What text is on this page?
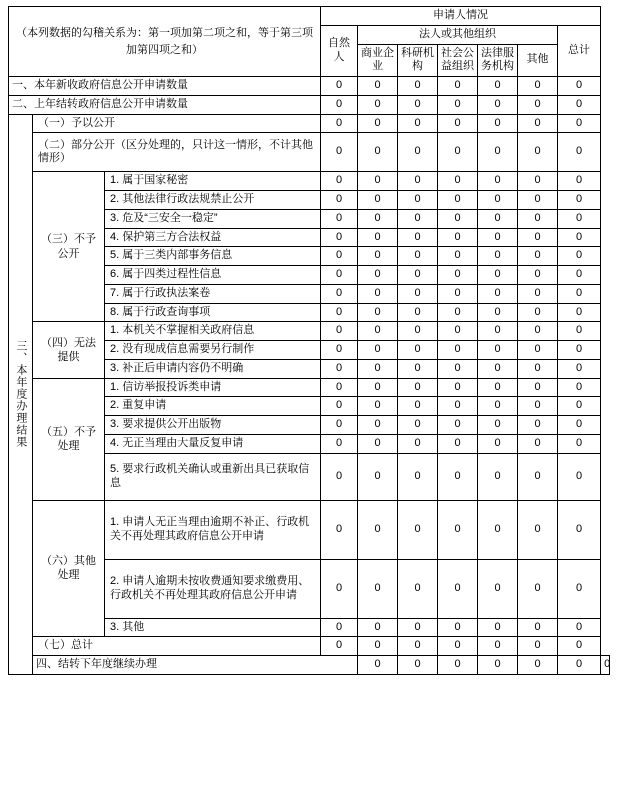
（本列数据的勾稽关系为：第一项加第二项之和，等于第三项加第四项之和）			申请人情况							
			自然人	法人或其他组织					总计	
				商业企业	科研机构	社会公益组织	法律服务机构	其他		
一、本年新收政府信息公开申请数量			0	0	0	0	0	0	0	
二、上年结转政府信息公开申请数量			0	0	0	0	0	0	0	

三、本年度办理结果	（一）予以公开		0	0	0	0	0	0	0	
	（二）部分公开（区分处理的，只计这一情形，不计其他情形）		0	0	0	0	0	0	0	
	（三）不予公开	1. 属于国家秘密	0	0	0	0	0	0	0	
		2. 其他法律行政法规禁止公开	0	0	0	0	0	0	0	
		3. 危及“三安全一稳定”	0	0	0	0	0	0	0	
		4. 保护第三方合法权益	0	0	0	0	0	0	0	
		5. 属于三类内部事务信息	0	0	0	0	0	0	0	
		6. 属于四类过程性信息	0	0	0	0	0	0	0	
		7. 属于行政执法案卷	0	0	0	0	0	0	0	
		8. 属于行政查询事项	0	0	0	0	0	0	0	
	（四）无法提供	1. 本机关不掌握相关政府信息	0	0	0	0	0	0	0	
		2. 没有现成信息需要另行制作	0	0	0	0	0	0	0	
		3. 补正后申请内容仍不明确	0	0	0	0	0	0	0	
	（五）不予处理	1. 信访举报投诉类申请	0	0	0	0	0	0	0	
		2. 重复申请	0	0	0	0	0	0	0	
		3. 要求提供公开出版物	0	0	0	0	0	0	0	
		4. 无正当理由大量反复申请	0	0	0	0	0	0	0	
		5. 要求行政机关确认或重新出具已获取信息	0	0	0	0	0	0	0	
	（六）其他处理	1. 申请人无正当理由逾期不补正、行政机关不再处理其政府信息公开申请	0	0	0	0	0	0	0	
		2. 申请人逾期未按收费通知要求缴费用、行政机关不再处理其政府信息公开申请	0	0	0	0	0	0	0	
		3. 其他	0	0	0	0	0	0	0	
	（七）总计		0	0	0	0	0	0	0	
	四、结转下年度继续办理			0	0	0	0	0	0	0
